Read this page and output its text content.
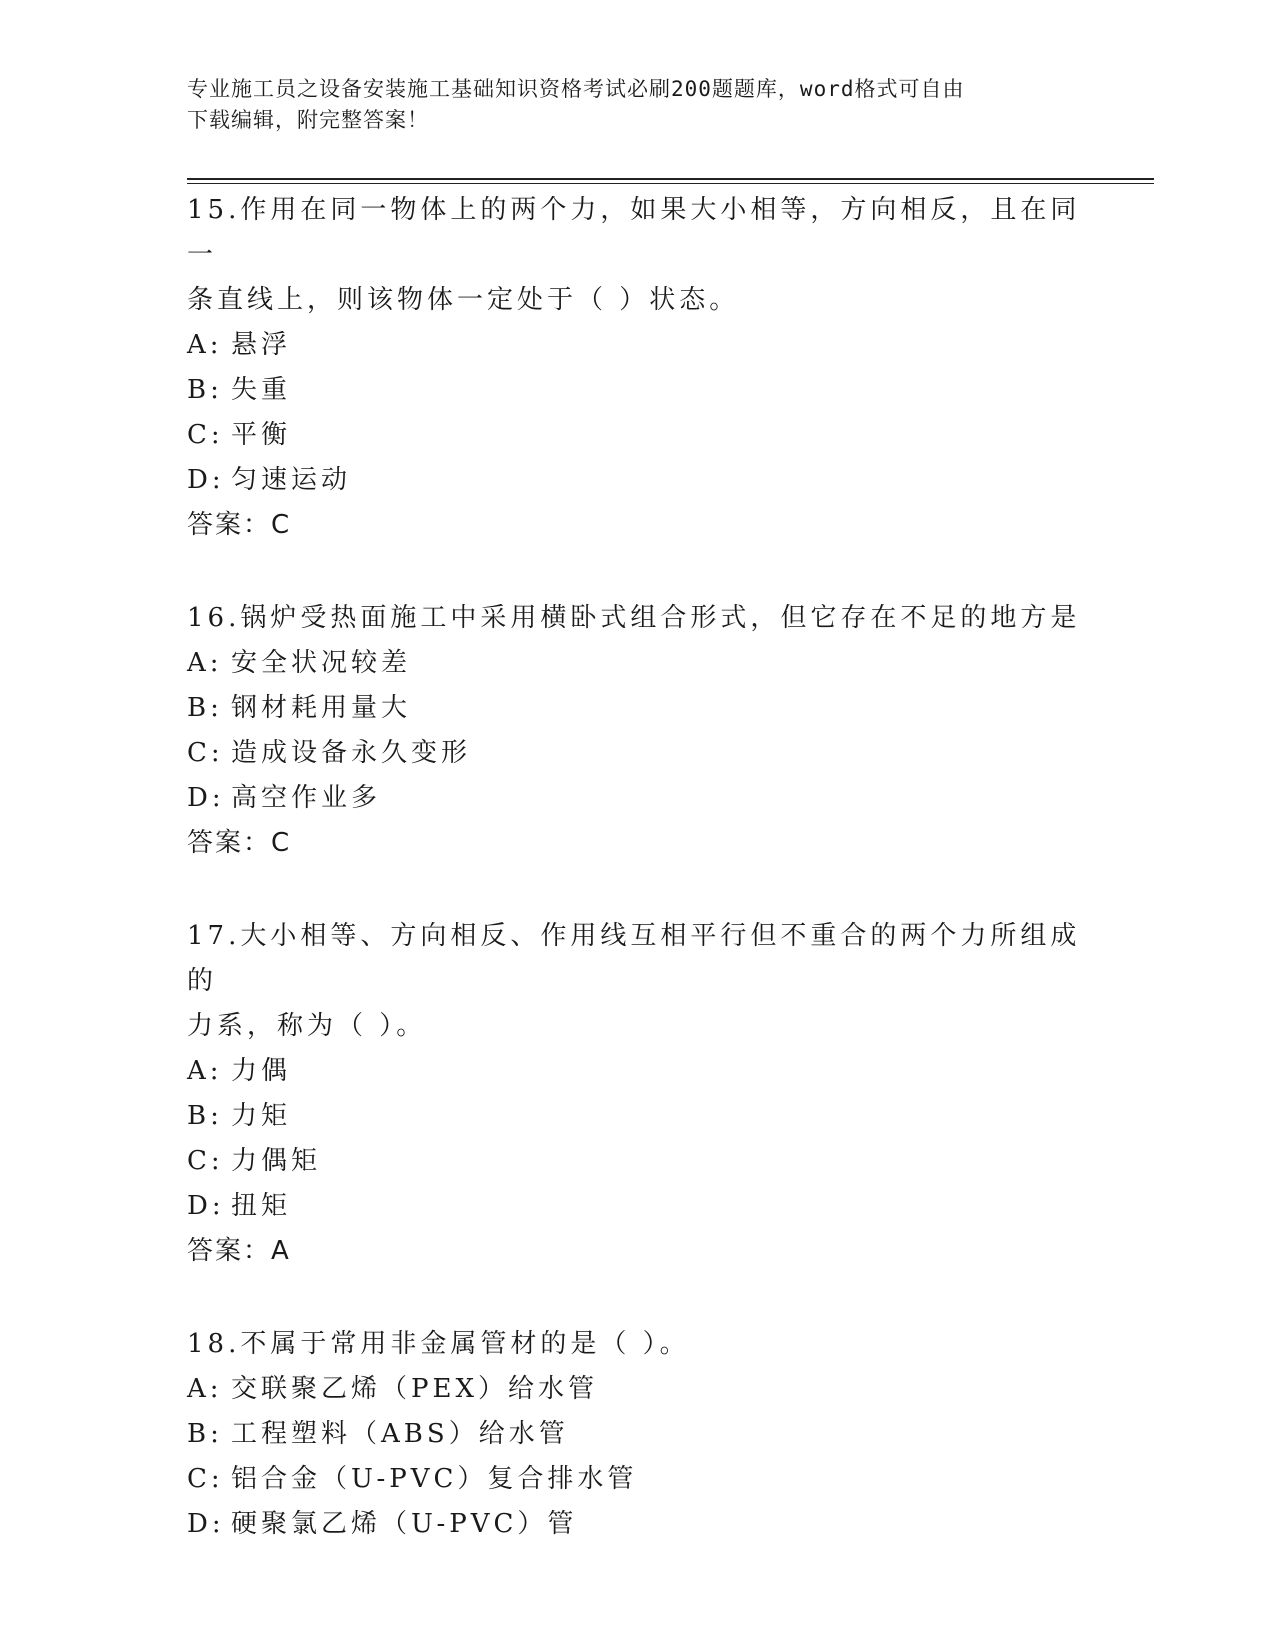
专业施工员之设备安装施工基础知识资格考试必刷200题题库，word格式可自由
下载编辑，附完整答案！

15.作用在同一物体上的两个力，如果大小相等，方向相反，且在同一

条直线上，则该物体一定处于（ ）状态。

A: 悬浮

B: 失重

C: 平衡

D: 匀速运动

答案：C

16.锅炉受热面施工中采用横卧式组合形式，但它存在不足的地方是

A: 安全状况较差

B: 钢材耗用量大

C: 造成设备永久变形

D: 高空作业多

答案：C

17.大小相等、方向相反、作用线互相平行但不重合的两个力所组成的

力系，称为（ ）。

A: 力偶

B: 力矩

C: 力偶矩

D: 扭矩

答案：A

18.不属于常用非金属管材的是（ ）。

A: 交联聚乙烯（PEX）给水管

B: 工程塑料（ABS）给水管

C: 铝合金（U-PVC）复合排水管

D: 硬聚氯乙烯（U-PVC）管
